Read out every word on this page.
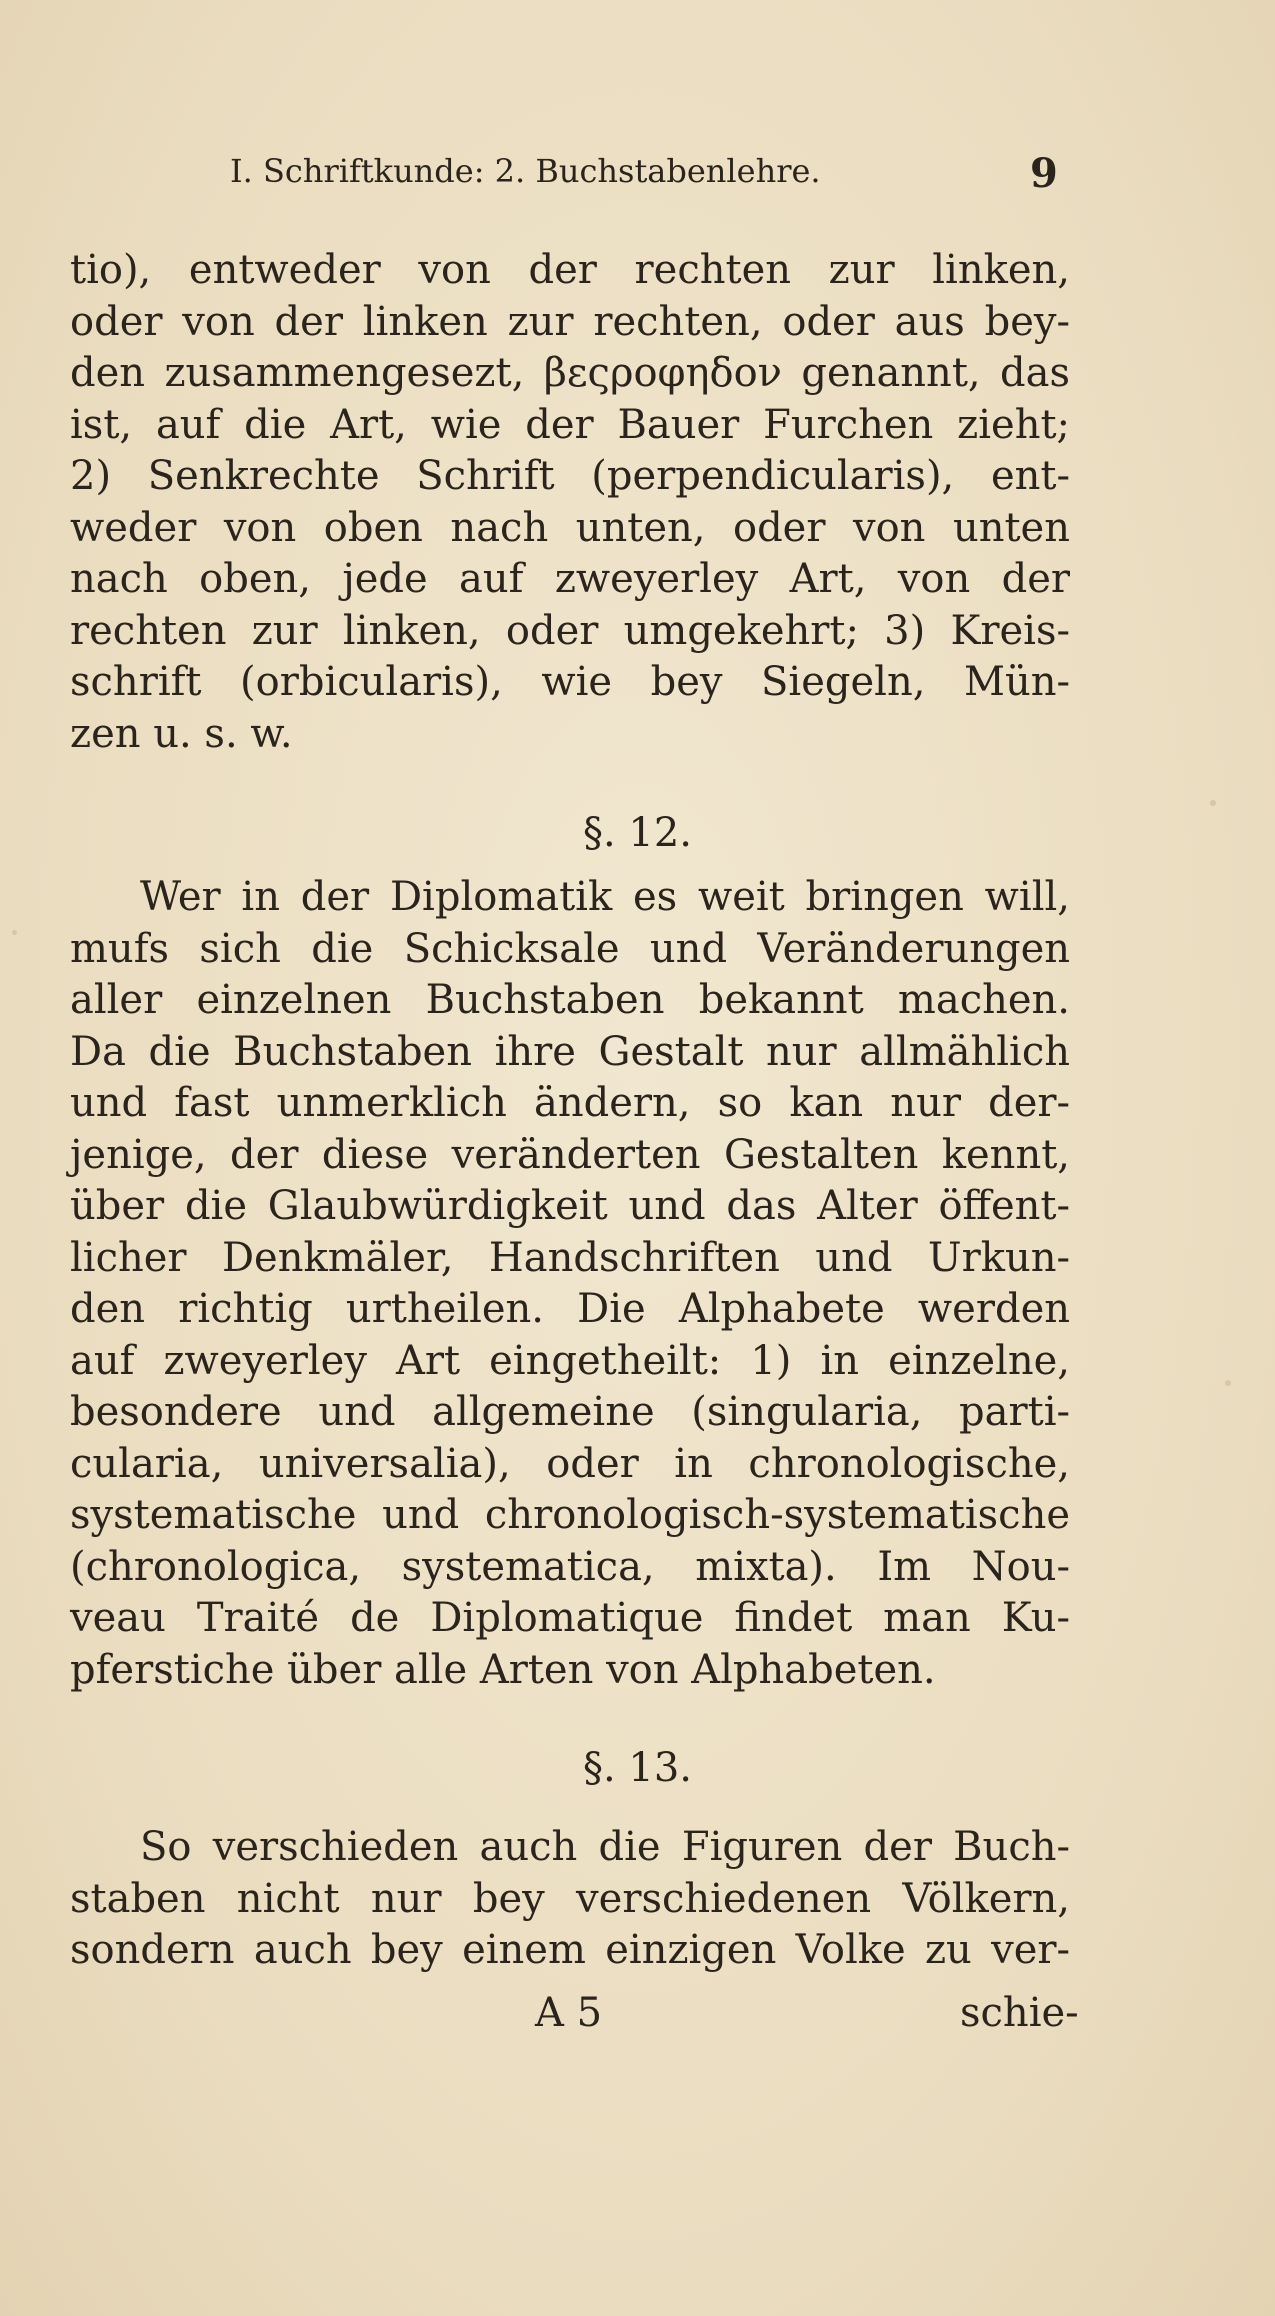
I. Schriftkunde: 2. Buchstabenlehre.	9
tio), entweder von der rechten zur linken,
oder von der linken zur rechten, oder aus bey-
den zusammengesezt, βεςροφηδον genannt, das
ist, auf die Art, wie der Bauer Furchen zieht;
2) Senkrechte Schrift (perpendicularis), ent-
weder von oben nach unten, oder von unten
nach oben, jede auf zweyerley Art, von der
rechten zur linken, oder umgekehrt; 3) Kreis-
schrift (orbicularis), wie bey Siegeln, Mün-
zen u. s. w.
§. 12.
Wer in der Diplomatik es weit bringen will,
mufs sich die Schicksale und Veränderungen
aller einzelnen Buchstaben bekannt machen.
Da die Buchstaben ihre Gestalt nur allmählich
und fast unmerklich ändern, so kan nur der-
jenige, der diese veränderten Gestalten kennt,
über die Glaubwürdigkeit und das Alter öffent-
licher Denkmäler, Handschriften und Urkun-
den richtig urtheilen. Die Alphabete werden
auf zweyerley Art eingetheilt: 1) in einzelne,
besondere und allgemeine (singularia, parti-
cularia, universalia), oder in chronologische,
systematische und chronologisch-systematische
(chronologica, systematica, mixta). Im Nou-
veau Traité de Diplomatique findet man Ku-
pferstiche über alle Arten von Alphabeten.
§. 13.
So verschieden auch die Figuren der Buch-
staben nicht nur bey verschiedenen Völkern,
sondern auch bey einem einzigen Volke zu ver-
A 5	schie-
